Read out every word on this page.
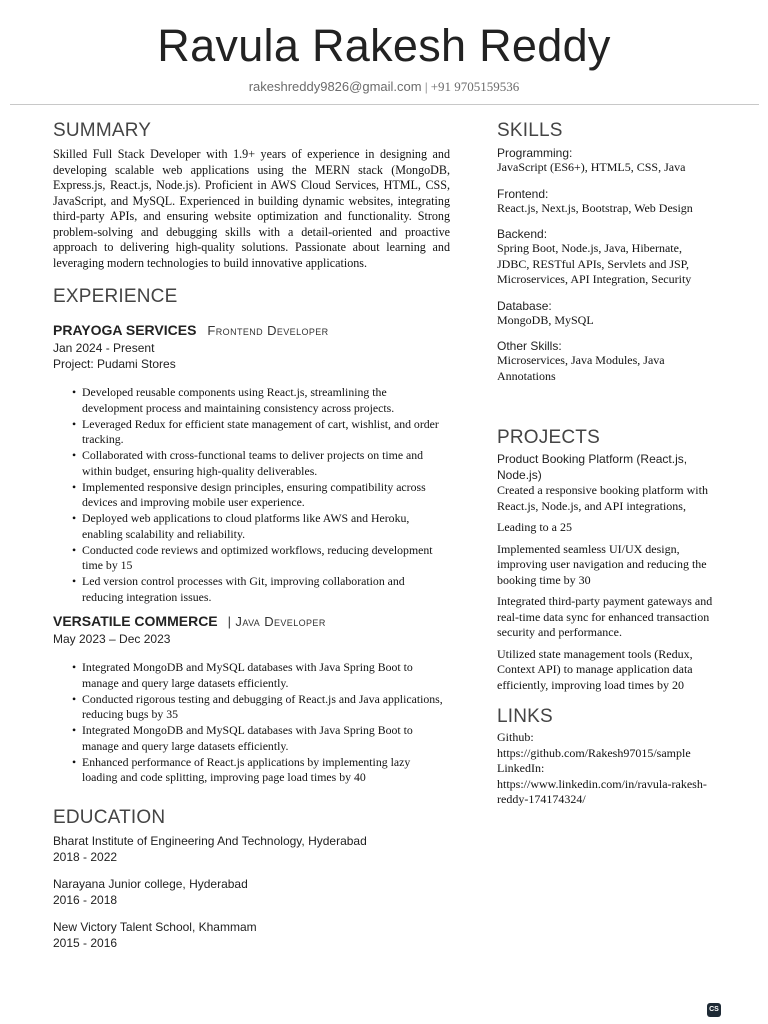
Ravula Rakesh Reddy
rakeshreddy9826@gmail.com | +91 9705159536
SUMMARY
Skilled Full Stack Developer with 1.9+ years of experience in designing and developing scalable web applications using the MERN stack (MongoDB, Express.js, React.js, Node.js). Proficient in AWS Cloud Services, HTML, CSS, JavaScript, and MySQL. Experienced in building dynamic websites, integrating third-party APIs, and ensuring website optimization and functionality. Strong problem-solving and debugging skills with a detail-oriented and proactive approach to delivering high-quality solutions. Passionate about learning and leveraging modern technologies to build innovative applications.
EXPERIENCE
PRAYOGA SERVICES Frontend Developer
Jan 2024 - Present
Project: Pudami Stores
• Developed reusable components using React.js, streamlining the development process and maintaining consistency across projects.
• Leveraged Redux for efficient state management of cart, wishlist, and order tracking.
• Collaborated with cross-functional teams to deliver projects on time and within budget, ensuring high-quality deliverables.
• Implemented responsive design principles, ensuring compatibility across devices and improving mobile user experience.
• Deployed web applications to cloud platforms like AWS and Heroku, enabling scalability and reliability.
• Conducted code reviews and optimized workflows, reducing development time by 15
• Led version control processes with Git, improving collaboration and reducing integration issues.
VERSATILE COMMERCE | Java Developer
May 2023 – Dec 2023
• Integrated MongoDB and MySQL databases with Java Spring Boot to manage and query large datasets efficiently.
• Conducted rigorous testing and debugging of React.js and Java applications, reducing bugs by 35
• Integrated MongoDB and MySQL databases with Java Spring Boot to manage and query large datasets efficiently.
• Enhanced performance of React.js applications by implementing lazy loading and code splitting, improving page load times by 40
EDUCATION
Bharat Institute of Engineering And Technology, Hyderabad
2018 - 2022
Narayana Junior college, Hyderabad
2016 - 2018
New Victory Talent School, Khammam
2015 - 2016
SKILLS
Programming:
JavaScript (ES6+), HTML5, CSS, Java
Frontend:
React.js, Next.js, Bootstrap, Web Design
Backend:
Spring Boot, Node.js, Java, Hibernate, JDBC, RESTful APIs, Servlets and JSP, Microservices, API Integration, Security
Database:
MongoDB, MySQL
Other Skills:
Microservices, Java Modules, Java Annotations
PROJECTS
Product Booking Platform (React.js, Node.js)
Created a responsive booking platform with React.js, Node.js, and API integrations,
Leading to a 25
Implemented seamless UI/UX design, improving user navigation and reducing the booking time by 30
Integrated third-party payment gateways and real-time data sync for enhanced transaction security and performance.
Utilized state management tools (Redux, Context API) to manage application data efficiently, improving load times by 20
LINKS
Github:
https://github.com/Rakesh97015/sample
LinkedIn:
https://www.linkedin.com/in/ravula-rakesh-reddy-174174324/
CS
